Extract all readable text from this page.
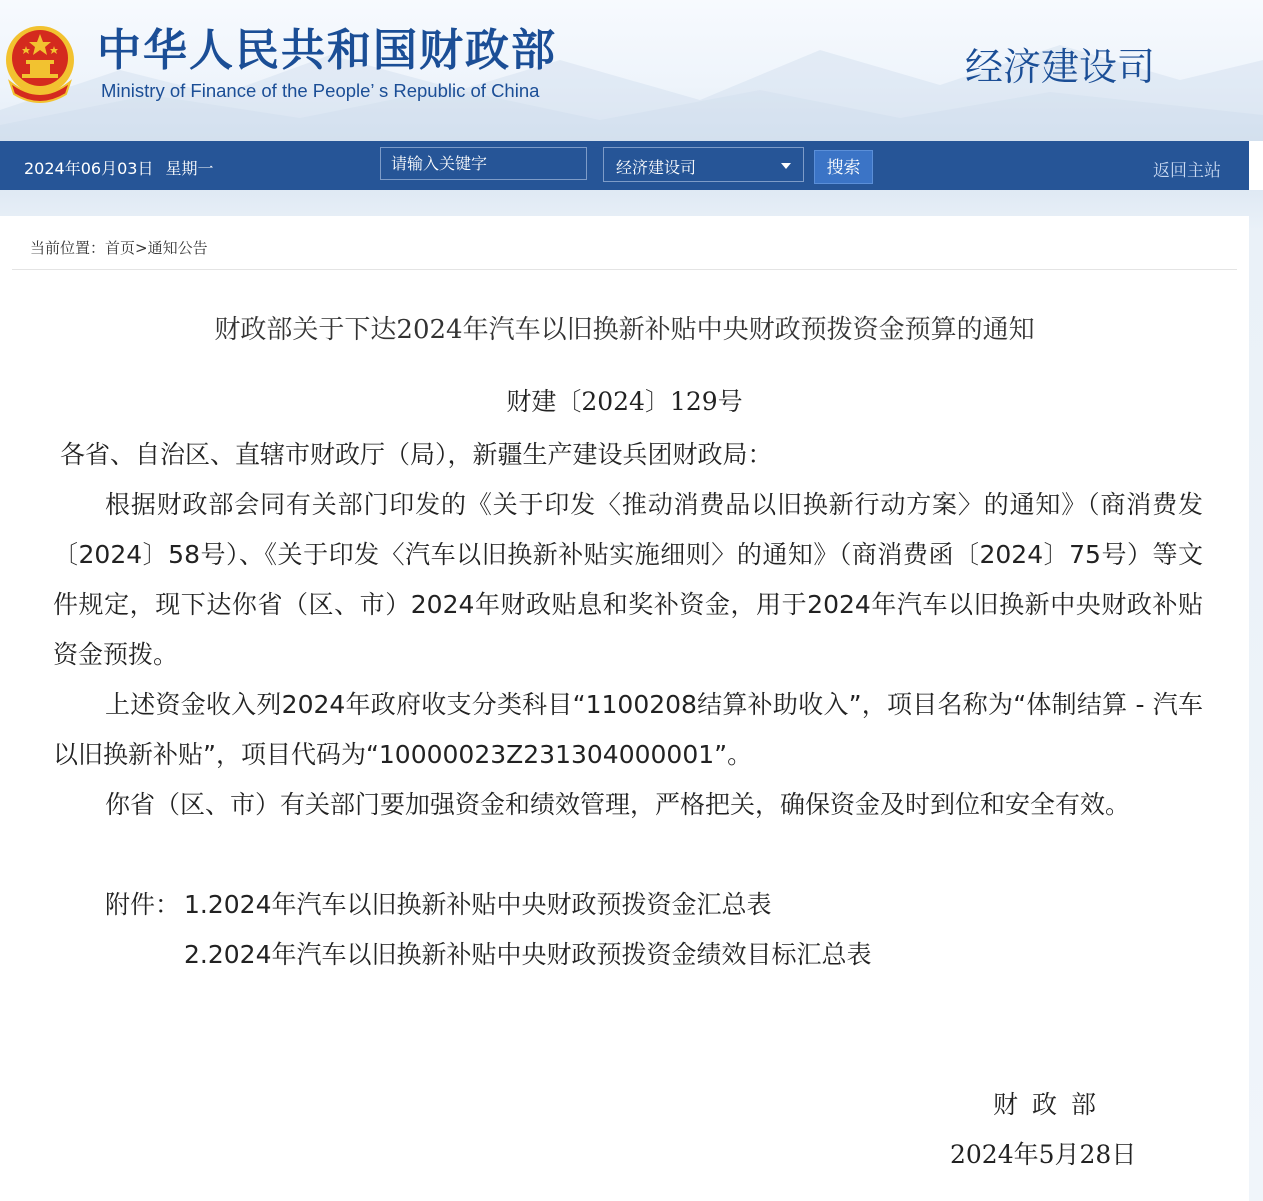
中华人民共和国财政部
Ministry of Finance of the People’ s Republic of China
经济建设司
2024年06月03日 星期一
请输入关键字	经济建设司	搜索	返回主站
当前位置：首页>通知公告
财政部关于下达2024年汽车以旧换新补贴中央财政预拨资金预算的通知
财建〔2024〕129号
各省、自治区、直辖市财政厅（局），新疆生产建设兵团财政局：
根据财政部会同有关部门印发的《关于印发〈推动消费品以旧换新行动方案〉的通知》（商消费发〔2024〕58号）、《关于印发〈汽车以旧换新补贴实施细则〉的通知》（商消费函〔2024〕75号）等文件规定，现下达你省（区、市）2024年财政贴息和奖补资金，用于2024年汽车以旧换新中央财政补贴资金预拨。
上述资金收入列2024年政府收支分类科目“1100208结算补助收入”，项目名称为“体制结算 - 汽车以旧换新补贴”，项目代码为“10000023Z231304000001”。
你省（区、市）有关部门要加强资金和绩效管理，严格把关，确保资金及时到位和安全有效。
附件： 1.2024年汽车以旧换新补贴中央财政预拨资金汇总表
2.2024年汽车以旧换新补贴中央财政预拨资金绩效目标汇总表
财政部
2024年5月28日
